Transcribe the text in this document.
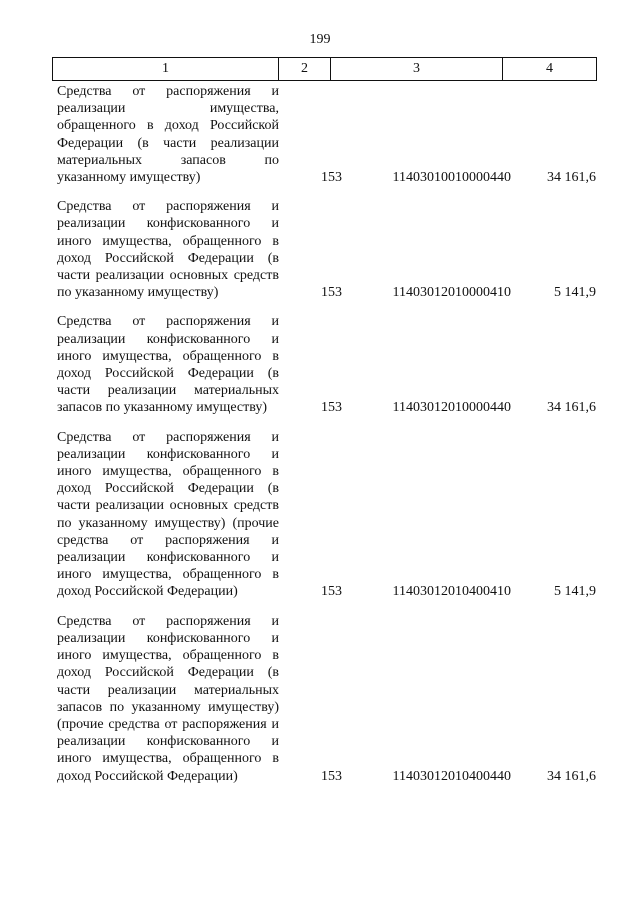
199
1	2	3	4
Средства от распоряжения и реализации имущества, обращенного в доход Российской Федерации (в части реализации материальных запасов по указанному имуществу)	153	11403010010000440	34 161,6
Средства от распоряжения и реализации конфискованного и иного имущества, обращенного в доход Российской Федерации (в части реализации основных средств по указанному имуществу)	153	11403012010000410	5 141,9
Средства от распоряжения и реализации конфискованного и иного имущества, обращенного в доход Российской Федерации (в части реализации материальных запасов по указанному имуществу)	153	11403012010000440	34 161,6
Средства от распоряжения и реализации конфискованного и иного имущества, обращенного в доход Российской Федерации (в части реализации основных средств по указанному имуществу) (прочие средства от распоряжения и реализации конфискованного и иного имущества, обращенного в доход Российской Федерации)	153	11403012010400410	5 141,9
Средства от распоряжения и реализации конфискованного и иного имущества, обращенного в доход Российской Федерации (в части реализации материальных запасов по указанному имуществу) (прочие средства от распоряжения и реализации конфискованного и иного имущества, обращенного в доход Российской Федерации)	153	11403012010400440	34 161,6
